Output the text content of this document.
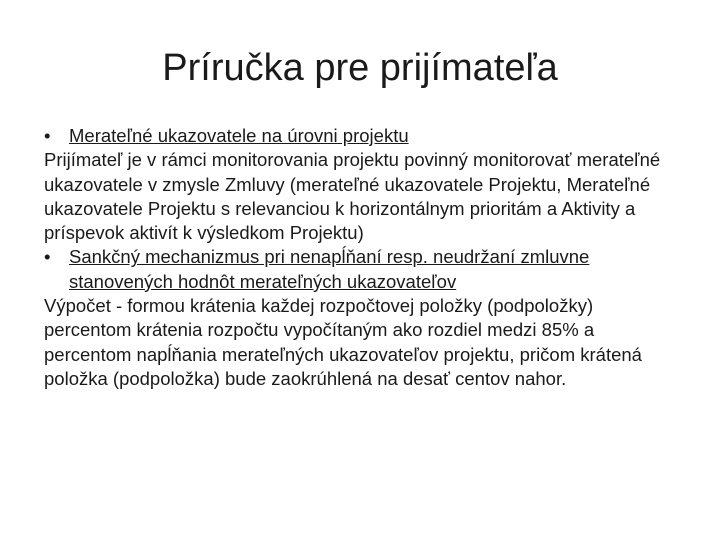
Príručka pre prijímateľa
• Merateľné ukazovatele na úrovni projektu

Prijímateľ je v rámci monitorovania projektu povinný monitorovať merateľné ukazovatele v zmysle Zmluvy (merateľné ukazovatele Projektu, Merateľné ukazovatele Projektu s relevanciou k horizontálnym prioritám a Aktivity a príspevok aktivít k výsledkom Projektu)

• Sankčný mechanizmus pri nenapĺňaní resp. neudržaní zmluvne stanovených hodnôt merateľných ukazovateľov

Výpočet - formou krátenia každej rozpočtovej položky (podpoložky) percentom krátenia rozpočtu vypočítaným ako rozdiel medzi 85% a percentom napĺňania merateľných ukazovateľov projektu, pričom krátená položka (podpoložka) bude zaokrúhlená na desať centov nahor.
